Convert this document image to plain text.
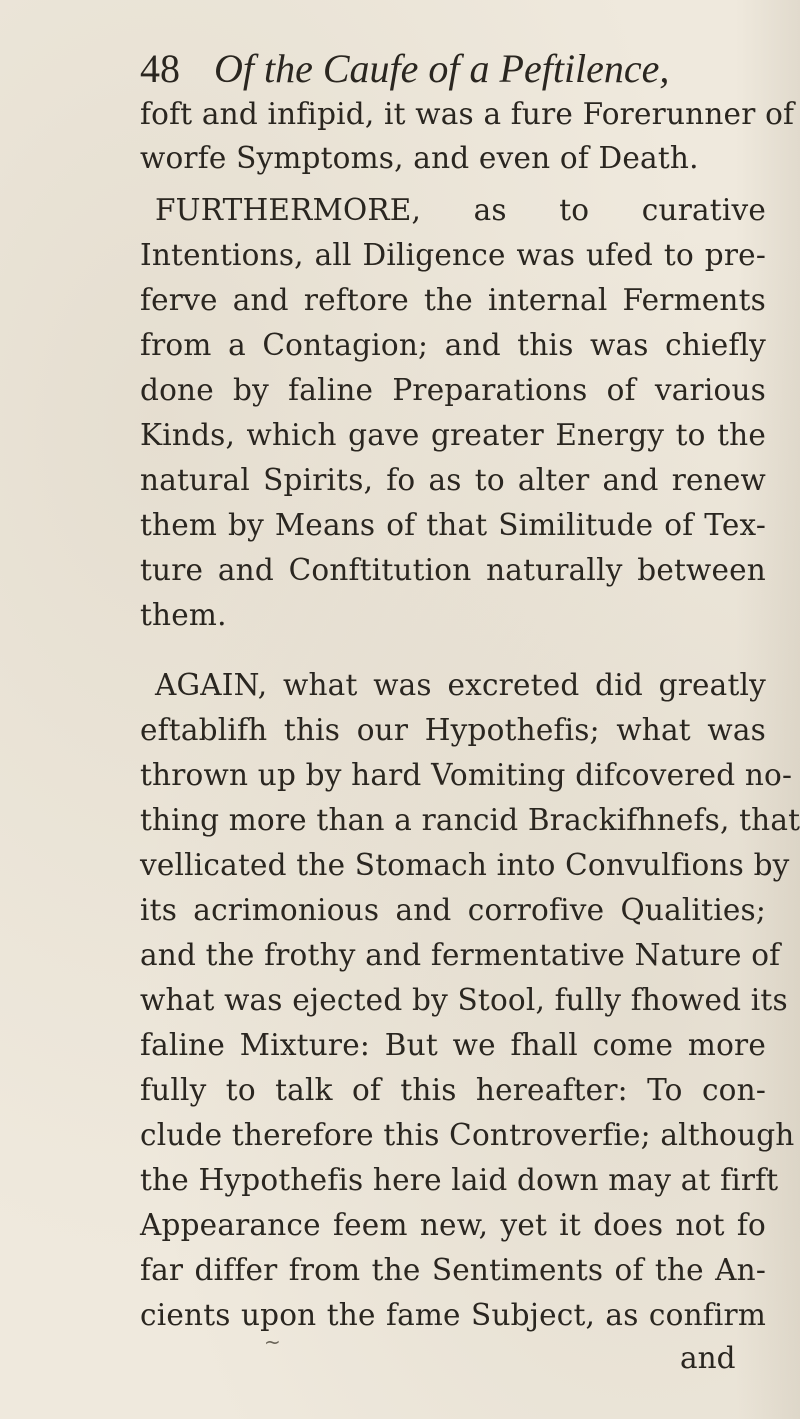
48 Of the Caufe of a Peftilence,
foft and infipid, it was a fure Forerunner of
worfe Symptoms, and even of Death.
FURTHERMORE, as to curative
Intentions, all Diligence was ufed to pre-
ferve and reftore the internal Ferments
from a Contagion; and this was chiefly
done by faline Preparations of various
Kinds, which gave greater Energy to the
natural Spirits, fo as to alter and renew
them by Means of that Similitude of Tex-
ture and Conftitution naturally between
them.
AGAIN, what was excreted did greatly
eftablifh this our Hypothefis; what was
thrown up by hard Vomiting difcovered no-
thing more than a rancid Brackifhnefs, that
vellicated the Stomach into Convulfions by
its acrimonious and corrofive Qualities;
and the frothy and fermentative Nature of
what was ejected by Stool, fully fhowed its
faline Mixture: But we fhall come more
fully to talk of this hereafter: To con-
clude therefore this Controverfie; although
the Hypothefis here laid down may at firft
Appearance feem new, yet it does not fo
far differ from the Sentiments of the An-
cients upon the fame Subject, as confirm
~	and
